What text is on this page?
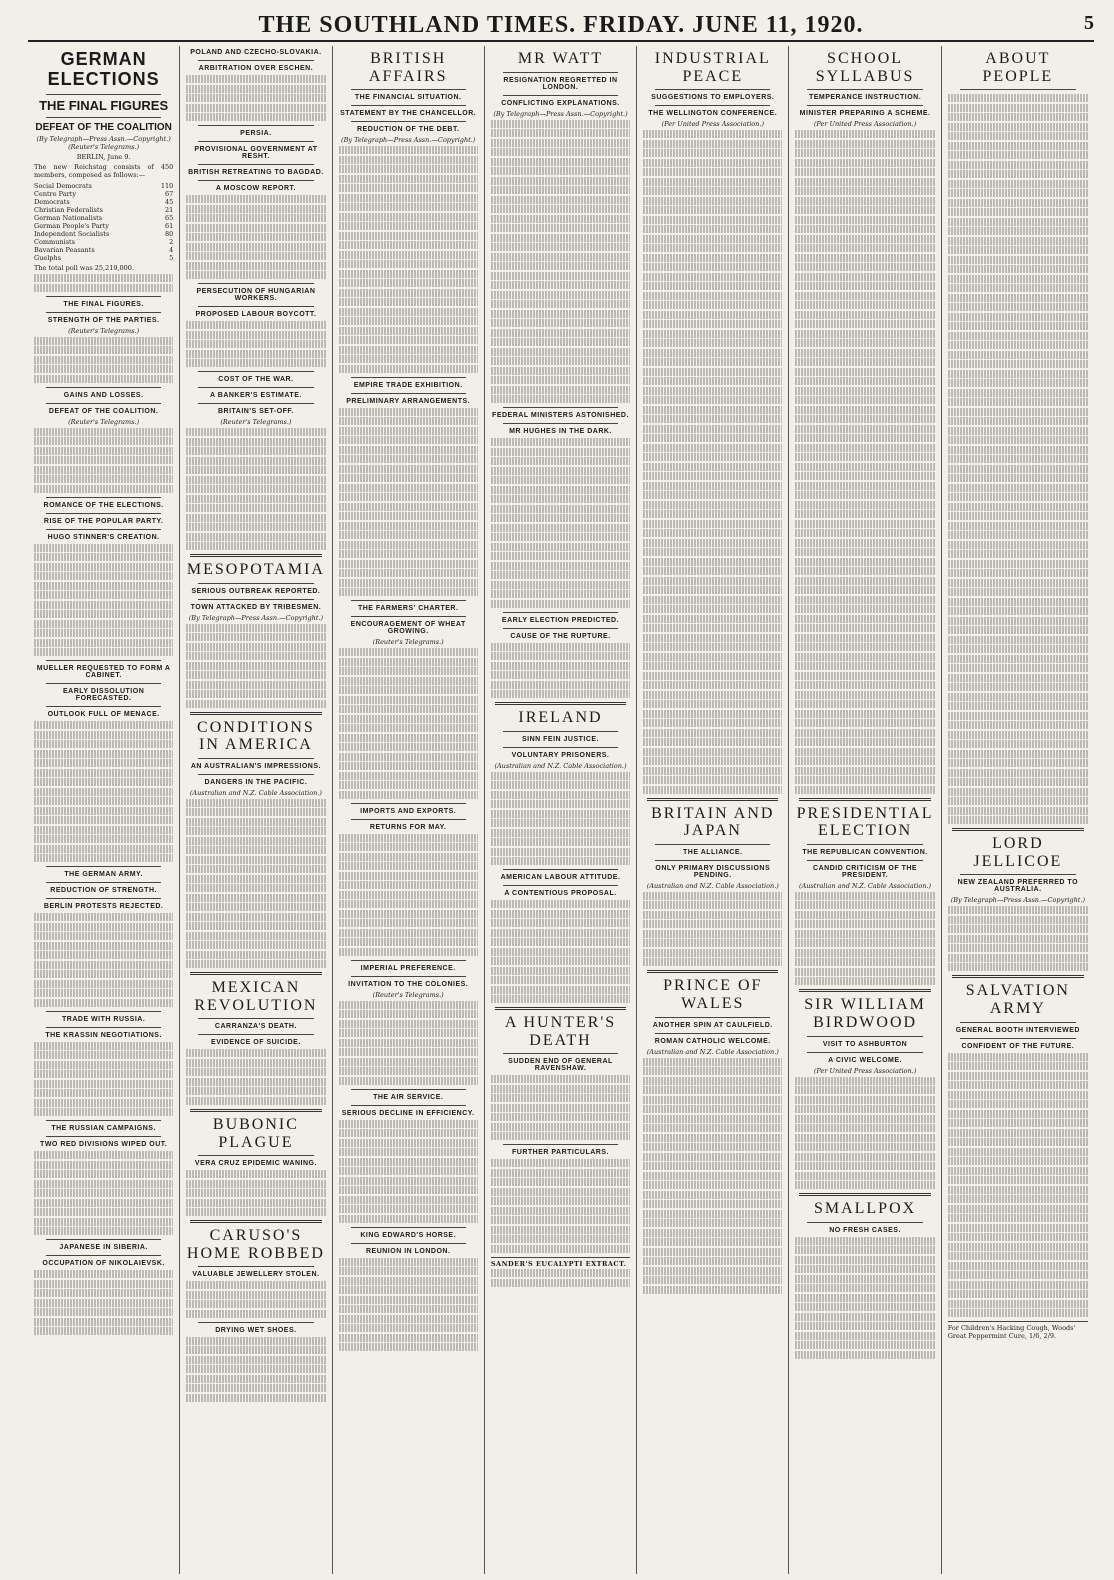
THE SOUTHLAND TIMES. FRIDAY. JUNE 11, 1920.	5
GERMAN ELECTIONS
THE FINAL FIGURES
DEFEAT OF THE COALITION
(By Telegraph—Press Assn.—Copyright.) (Reuter's Telegrams.)
BERLIN, June 9.
The new Reichstag consists of 450 members, composed as follows:—
Social Democrats	110
Centre Party	67
Democrats	45
Christian Federalists	21
German Nationalists	65
German People's Party	61
Independent Socialists	80
Communists	2
Bavarian Peasants	4
Guelphs	5
The total poll was 25,219,000.
THE FINAL FIGURES.
STRENGTH OF THE PARTIES.
(Reuter's Telegrams.)
GAINS AND LOSSES.
DEFEAT OF THE COALITION.
(Reuter's Telegrams.)
ROMANCE OF THE ELECTIONS.
RISE OF THE POPULAR PARTY.
HUGO STINNER'S CREATION.
MUELLER REQUESTED TO FORM A CABINET.
EARLY DISSOLUTION FORECASTED.
OUTLOOK FULL OF MENACE.
THE GERMAN ARMY.
REDUCTION OF STRENGTH.
BERLIN PROTESTS REJECTED.
TRADE WITH RUSSIA.
THE KRASSIN NEGOTIATIONS.
THE RUSSIAN CAMPAIGNS.
TWO RED DIVISIONS WIPED OUT.
JAPANESE IN SIBERIA.
OCCUPATION OF NIKOLAIEVSK.
POLAND AND CZECHO-SLOVAKIA.
ARBITRATION OVER ESCHEN.
PERSIA.
PROVISIONAL GOVERNMENT AT RESHT.
BRITISH RETREATING TO BAGDAD.
A MOSCOW REPORT.
PERSECUTION OF HUNGARIAN WORKERS.
PROPOSED LABOUR BOYCOTT.
COST OF THE WAR.
A BANKER'S ESTIMATE.
BRITAIN'S SET-OFF.
(Reuter's Telegrams.)
MESOPOTAMIA
SERIOUS OUTBREAK REPORTED.
TOWN ATTACKED BY TRIBESMEN.
(By Telegraph—Press Assn.—Copyright.)
CONDITIONS IN AMERICA
AN AUSTRALIAN'S IMPRESSIONS.
DANGERS IN THE PACIFIC.
(Australian and N.Z. Cable Association.)
MEXICAN REVOLUTION
CARRANZA'S DEATH.
EVIDENCE OF SUICIDE.
BUBONIC PLAGUE
VERA CRUZ EPIDEMIC WANING.
CARUSO'S HOME ROBBED
VALUABLE JEWELLERY STOLEN.
DRYING WET SHOES.
BRITISH AFFAIRS
THE FINANCIAL SITUATION.
STATEMENT BY THE CHANCELLOR.
REDUCTION OF THE DEBT.
(By Telegraph—Press Assn.—Copyright.)
EMPIRE TRADE EXHIBITION.
PRELIMINARY ARRANGEMENTS.
THE FARMERS' CHARTER.
ENCOURAGEMENT OF WHEAT GROWING.
(Reuter's Telegrams.)
IMPORTS AND EXPORTS.
RETURNS FOR MAY.
IMPERIAL PREFERENCE.
INVITATION TO THE COLONIES.
(Reuter's Telegrams.)
THE AIR SERVICE.
SERIOUS DECLINE IN EFFICIENCY.
KING EDWARD'S HORSE.
REUNION IN LONDON.
MR WATT
RESIGNATION REGRETTED IN LONDON.
CONFLICTING EXPLANATIONS.
(By Telegraph—Press Assn.—Copyright.)
FEDERAL MINISTERS ASTONISHED.
MR HUGHES IN THE DARK.
EARLY ELECTION PREDICTED.
CAUSE OF THE RUPTURE.
IRELAND
SINN FEIN JUSTICE.
VOLUNTARY PRISONERS.
(Australian and N.Z. Cable Association.)
AMERICAN LABOUR ATTITUDE.
A CONTENTIOUS PROPOSAL.
A HUNTER'S DEATH
SUDDEN END OF GENERAL RAVENSHAW.
FURTHER PARTICULARS.
SANDER'S EUCALYPTI EXTRACT.
INDUSTRIAL PEACE
SUGGESTIONS TO EMPLOYERS.
THE WELLINGTON CONFERENCE.
(Per United Press Association.)
BRITAIN AND JAPAN
THE ALLIANCE.
ONLY PRIMARY DISCUSSIONS PENDING.
(Australian and N.Z. Cable Association.)
PRINCE OF WALES
ANOTHER SPIN AT CAULFIELD.
ROMAN CATHOLIC WELCOME.
(Australian and N.Z. Cable Association.)
SCHOOL SYLLABUS
TEMPERANCE INSTRUCTION.
MINISTER PREPARING A SCHEME.
(Per United Press Association.)
PRESIDENTIAL ELECTION
THE REPUBLICAN CONVENTION.
CANDID CRITICISM OF THE PRESIDENT.
(Australian and N.Z. Cable Association.)
SIR WILLIAM BIRDWOOD
VISIT TO ASHBURTON
A CIVIC WELCOME.
(Per United Press Association.)
SMALLPOX
NO FRESH CASES.
ABOUT PEOPLE
LORD JELLICOE
NEW ZEALAND PREFERRED TO AUSTRALIA.
(By Telegraph—Press Assn.—Copyright.)
SALVATION ARMY
GENERAL BOOTH INTERVIEWED
CONFIDENT OF THE FUTURE.
For Children's Hacking Cough, Woods' Great Peppermint Cure, 1/6, 2/9.
